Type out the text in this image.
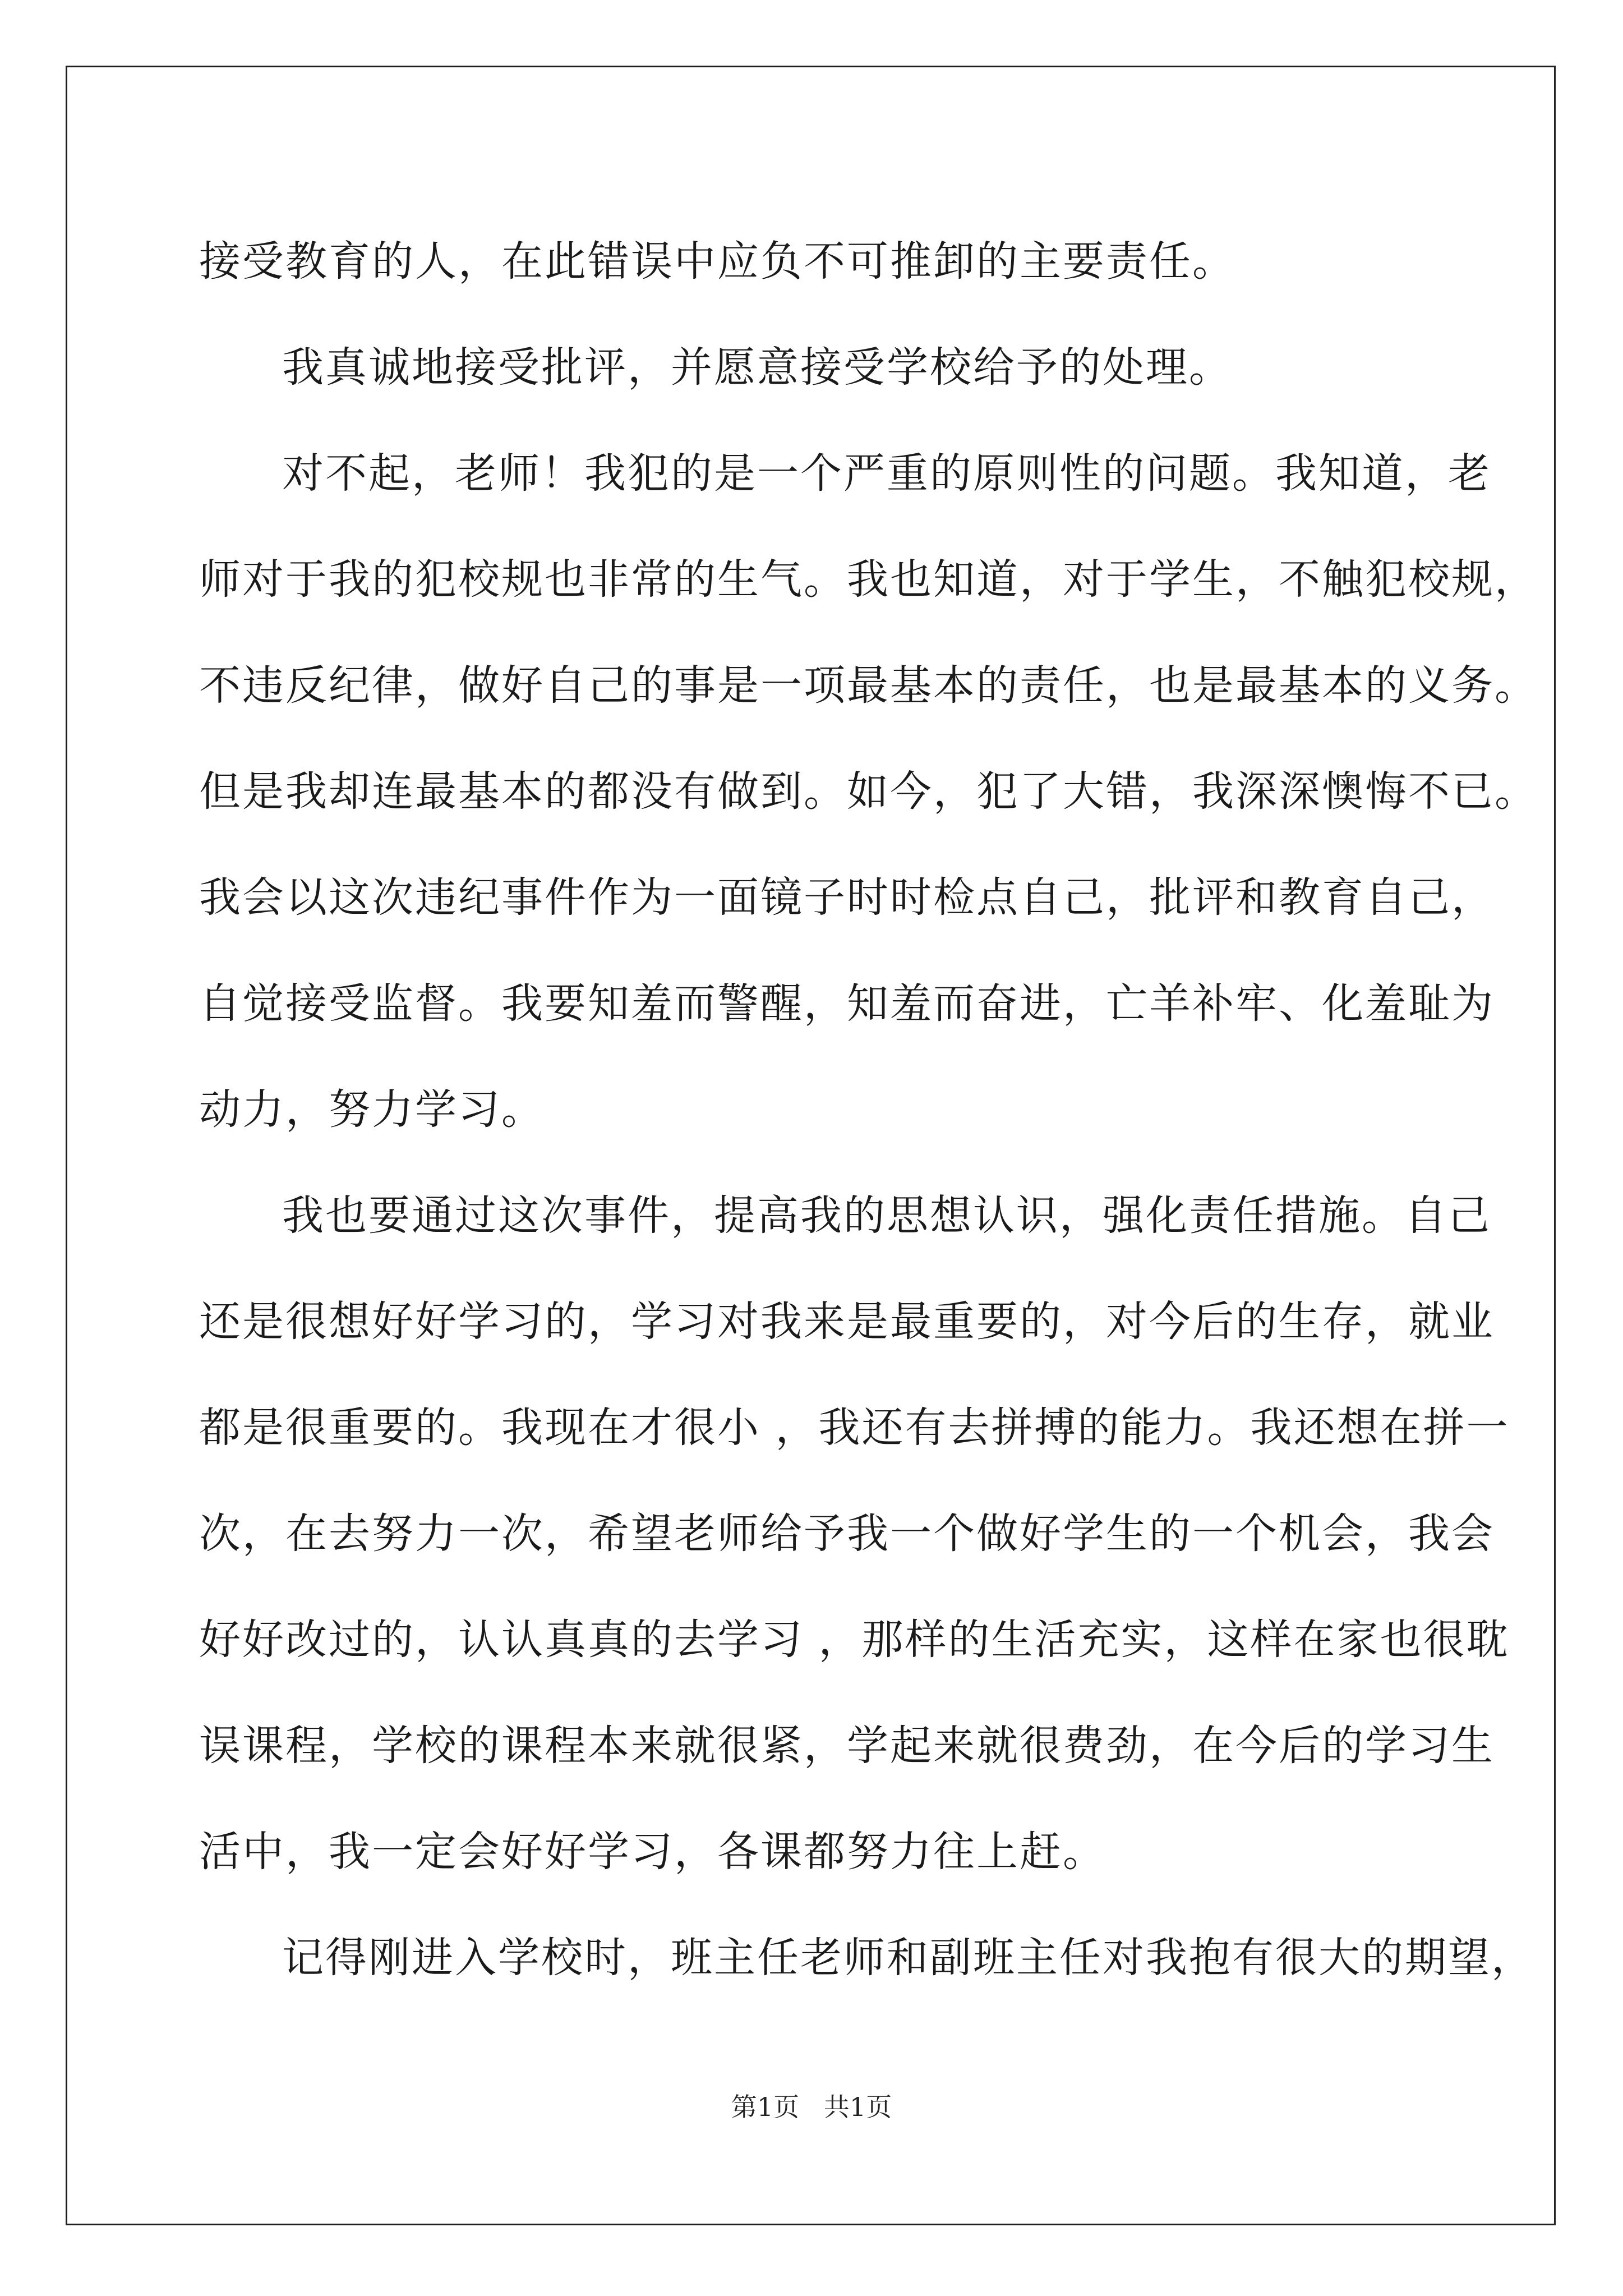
接受教育的人，在此错误中应负不可推卸的主要责任。
我真诚地接受批评，并愿意接受学校给予的处理。
对不起，老师！我犯的是一个严重的原则性的问题。我知道，老
师对于我的犯校规也非常的生气。我也知道，对于学生，不触犯校规，
不违反纪律，做好自己的事是一项最基本的责任，也是最基本的义务。
但是我却连最基本的都没有做到。如今，犯了大错，我深深懊悔不已。
我会以这次违纪事件作为一面镜子时时检点自己，批评和教育自己，
自觉接受监督。我要知羞而警醒，知羞而奋进，亡羊补牢、化羞耻为
动力，努力学习。
我也要通过这次事件，提高我的思想认识，强化责任措施。自己
还是很想好好学习的，学习对我来是最重要的，对今后的生存，就业
都是很重要的。我现在才很小 ，我还有去拼搏的能力。我还想在拼一
次，在去努力一次，希望老师给予我一个做好学生的一个机会，我会
好好改过的，认认真真的去学习 ，那样的生活充实，这样在家也很耽
误课程，学校的课程本来就很紧，学起来就很费劲，在今后的学习生
活中，我一定会好好学习，各课都努力往上赶。
记得刚进入学校时，班主任老师和副班主任对我抱有很大的期望，
第1页   共1页
